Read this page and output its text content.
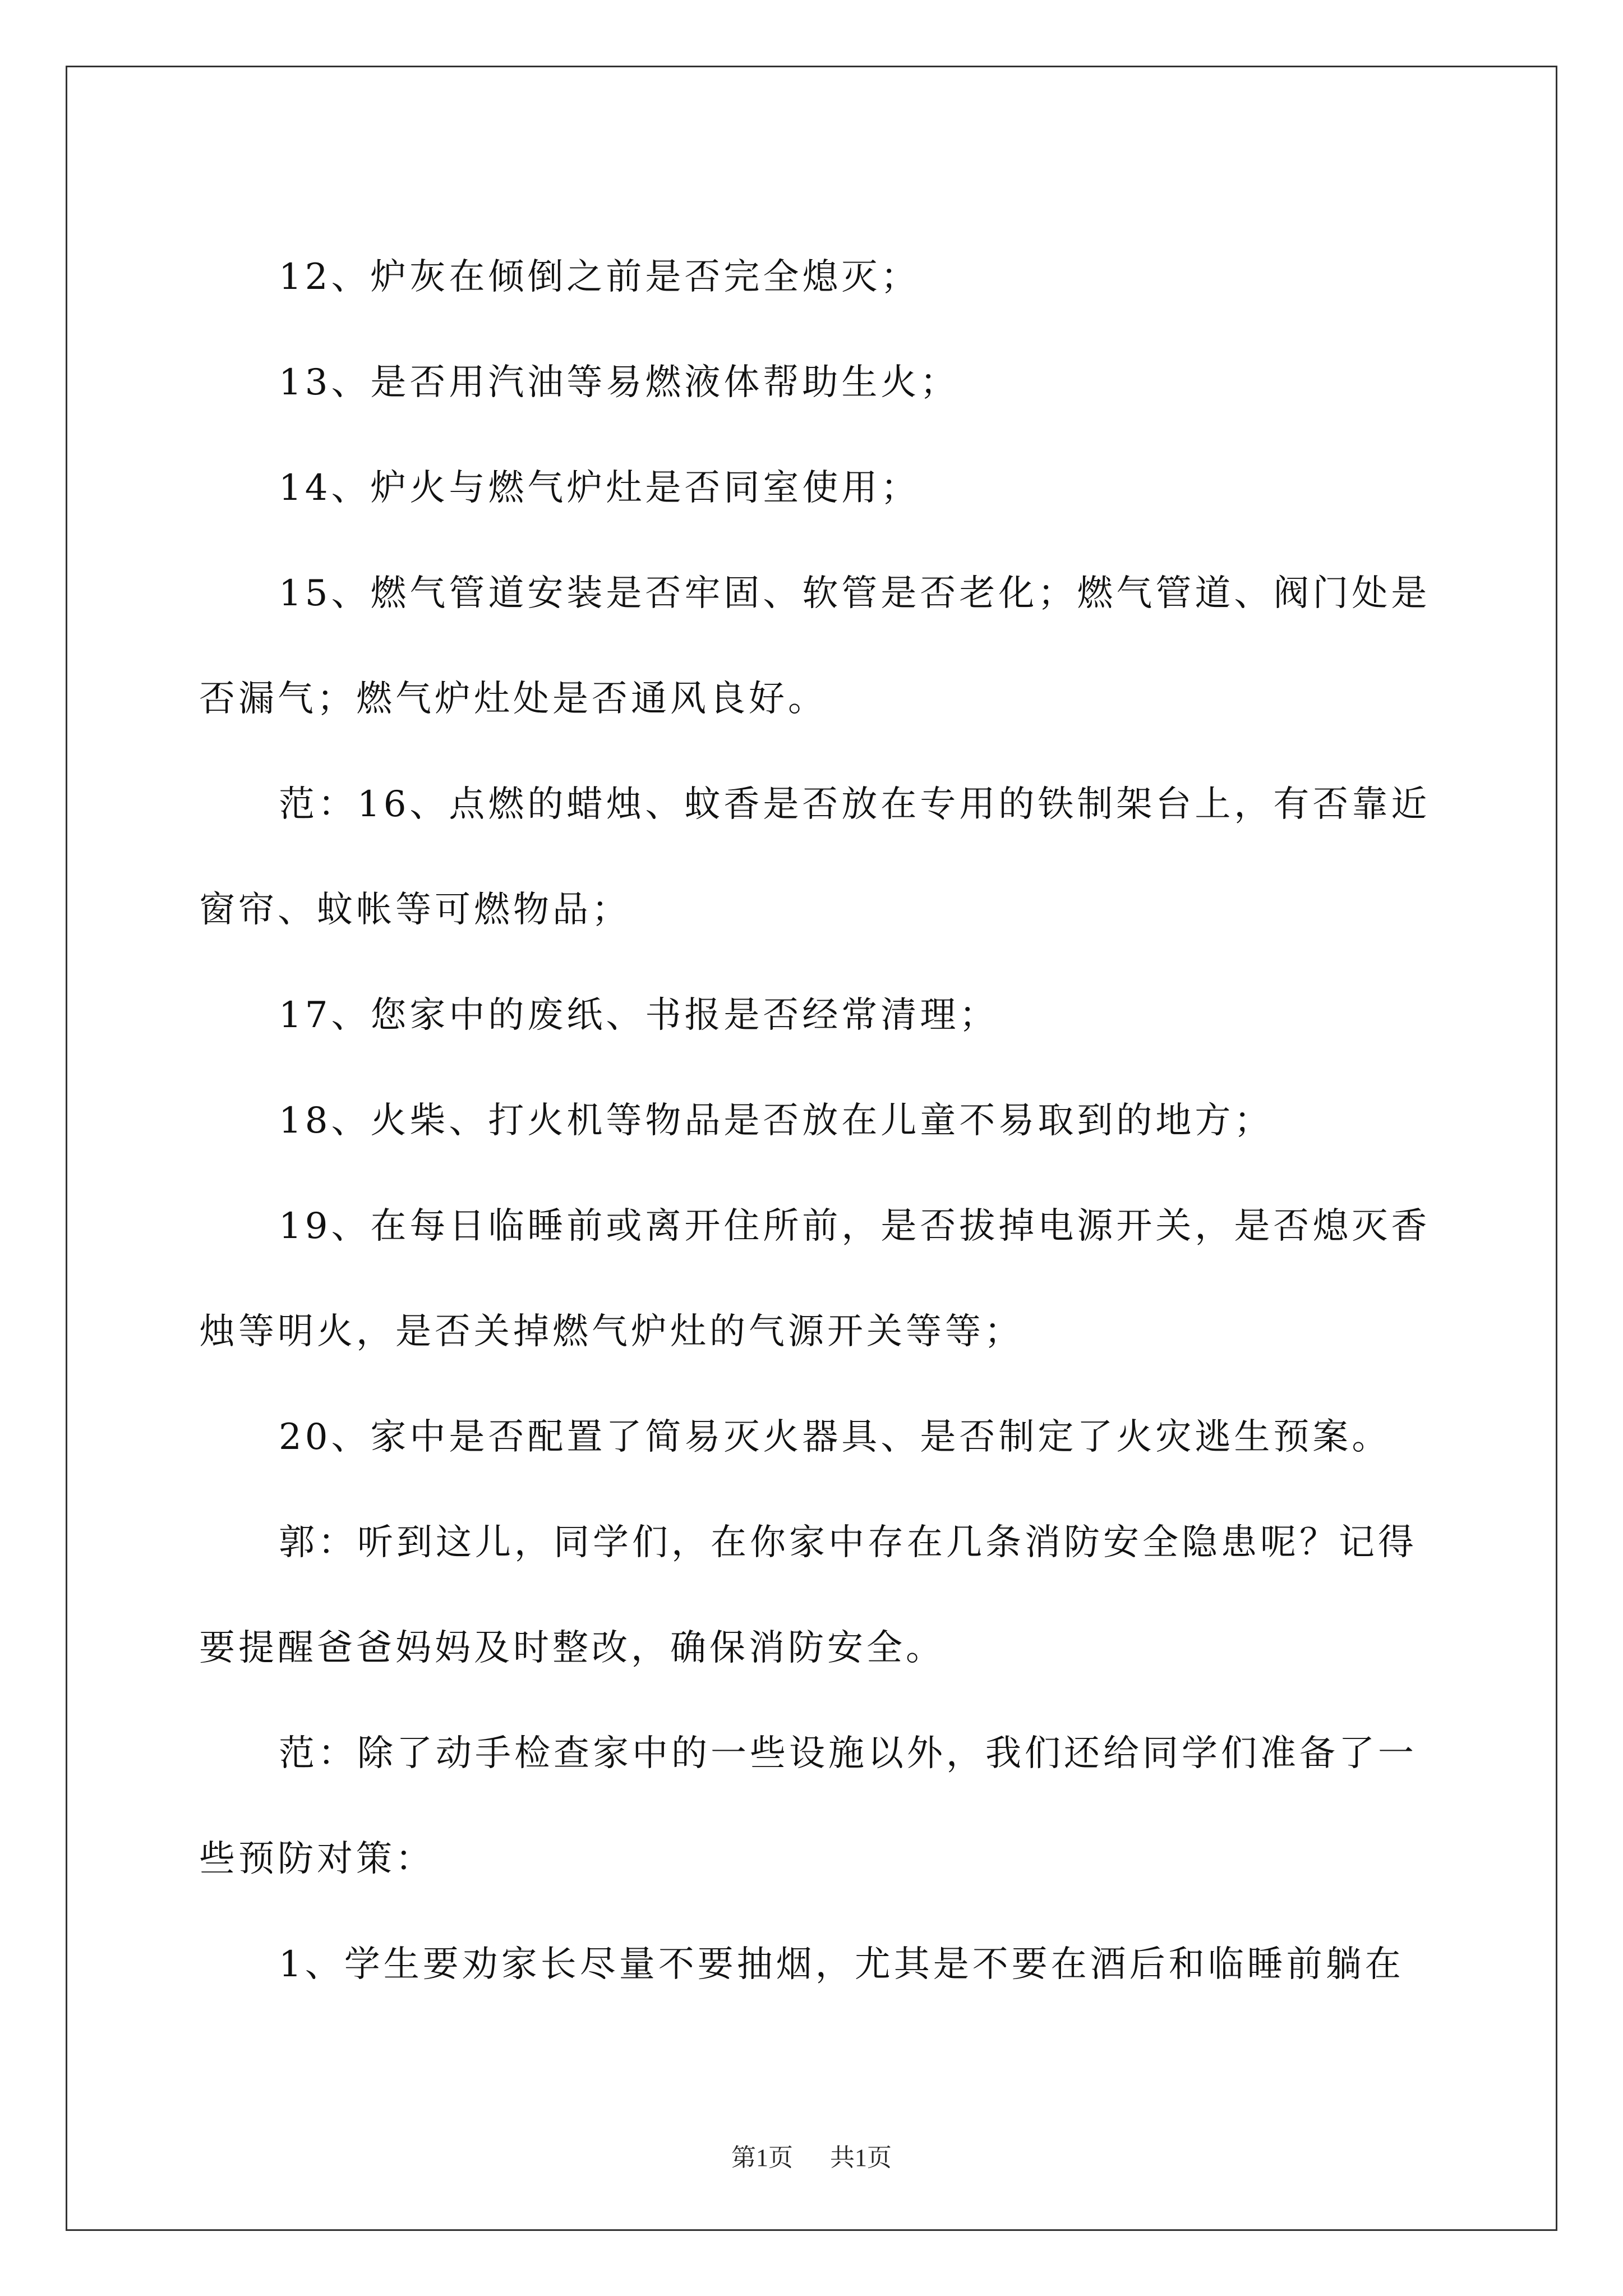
12、炉灰在倾倒之前是否完全熄灭；

13、是否用汽油等易燃液体帮助生火；

14、炉火与燃气炉灶是否同室使用；

15、燃气管道安装是否牢固、软管是否老化；燃气管道、阀门处是否漏气；燃气炉灶处是否通风良好。

范：16、点燃的蜡烛、蚊香是否放在专用的铁制架台上，有否靠近窗帘、蚊帐等可燃物品；

17、您家中的废纸、书报是否经常清理；

18、火柴、打火机等物品是否放在儿童不易取到的地方；

19、在每日临睡前或离开住所前，是否拔掉电源开关，是否熄灭香烛等明火，是否关掉燃气炉灶的气源开关等等；

20、家中是否配置了简易灭火器具、是否制定了火灾逃生预案。

郭：听到这儿，同学们，在你家中存在几条消防安全隐患呢？记得要提醒爸爸妈妈及时整改，确保消防安全。

范：除了动手检查家中的一些设施以外，我们还给同学们准备了一些预防对策：

1、学生要劝家长尽量不要抽烟，尤其是不要在酒后和临睡前躺在

第1页 共1页
